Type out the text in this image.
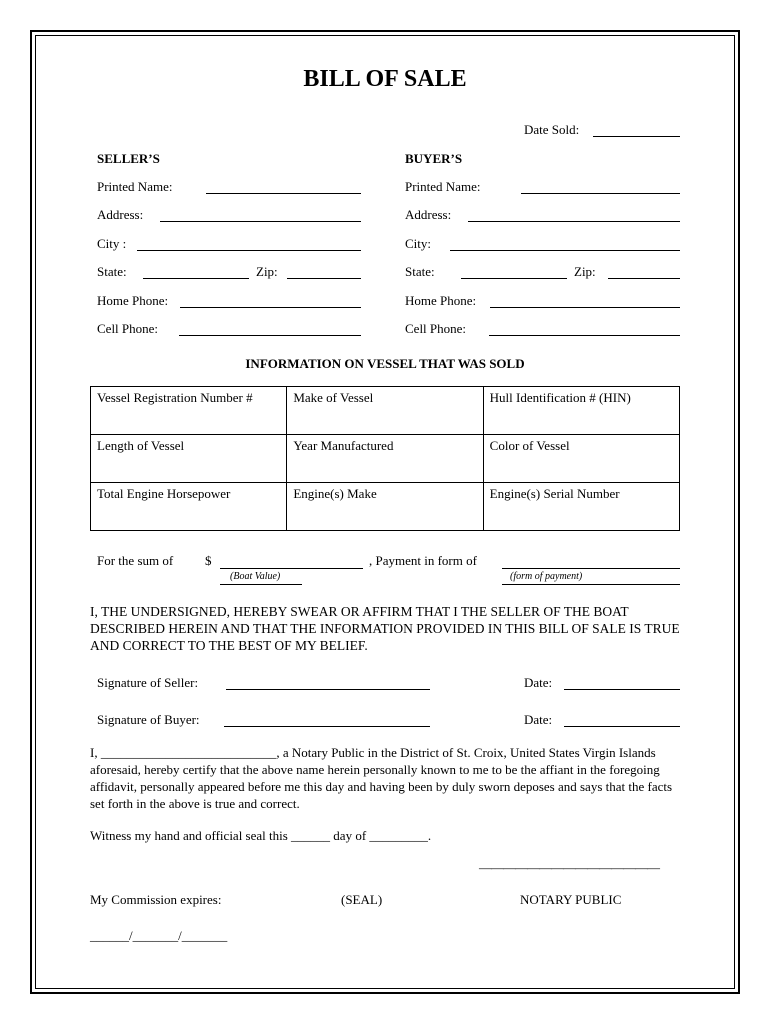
BILL OF SALE
Date Sold:
SELLER’S	BUYER’S
Printed Name:
Address:
City :
State:	Zip:
Home Phone:
Cell Phone:
Printed Name:
Address:
City:
State:	Zip:
Home Phone:
Cell Phone:
INFORMATION ON VESSEL THAT WAS SOLD
Vessel Registration Number #	Make of Vessel	Hull Identification # (HIN)
Length of Vessel	Year Manufactured	Color of Vessel
Total Engine Horsepower	Engine(s) Make	Engine(s) Serial Number
For the sum of $
(Boat Value)
, Payment in form of
(form of payment)
I, THE UNDERSIGNED, HEREBY SWEAR OR AFFIRM THAT I THE SELLER OF THE BOAT DESCRIBED HEREIN AND THAT THE INFORMATION PROVIDED IN THIS BILL OF SALE IS TRUE AND CORRECT TO THE BEST OF MY BELIEF.
Signature of Seller:	Date:
Signature of Buyer:	Date:
I, ___________________________, a Notary Public in the District of St. Croix, United States Virgin Islands aforesaid, hereby certify that the above name herein personally known to me to be the affiant in the foregoing affidavit, personally appeared before me this day and having been by duly sworn deposes and says that the facts set forth in the above is true and correct.
Witness my hand and official seal this ______ day of _________.
———————————————
My Commission expires:	(SEAL)	NOTARY PUBLIC
______/_______/_______
